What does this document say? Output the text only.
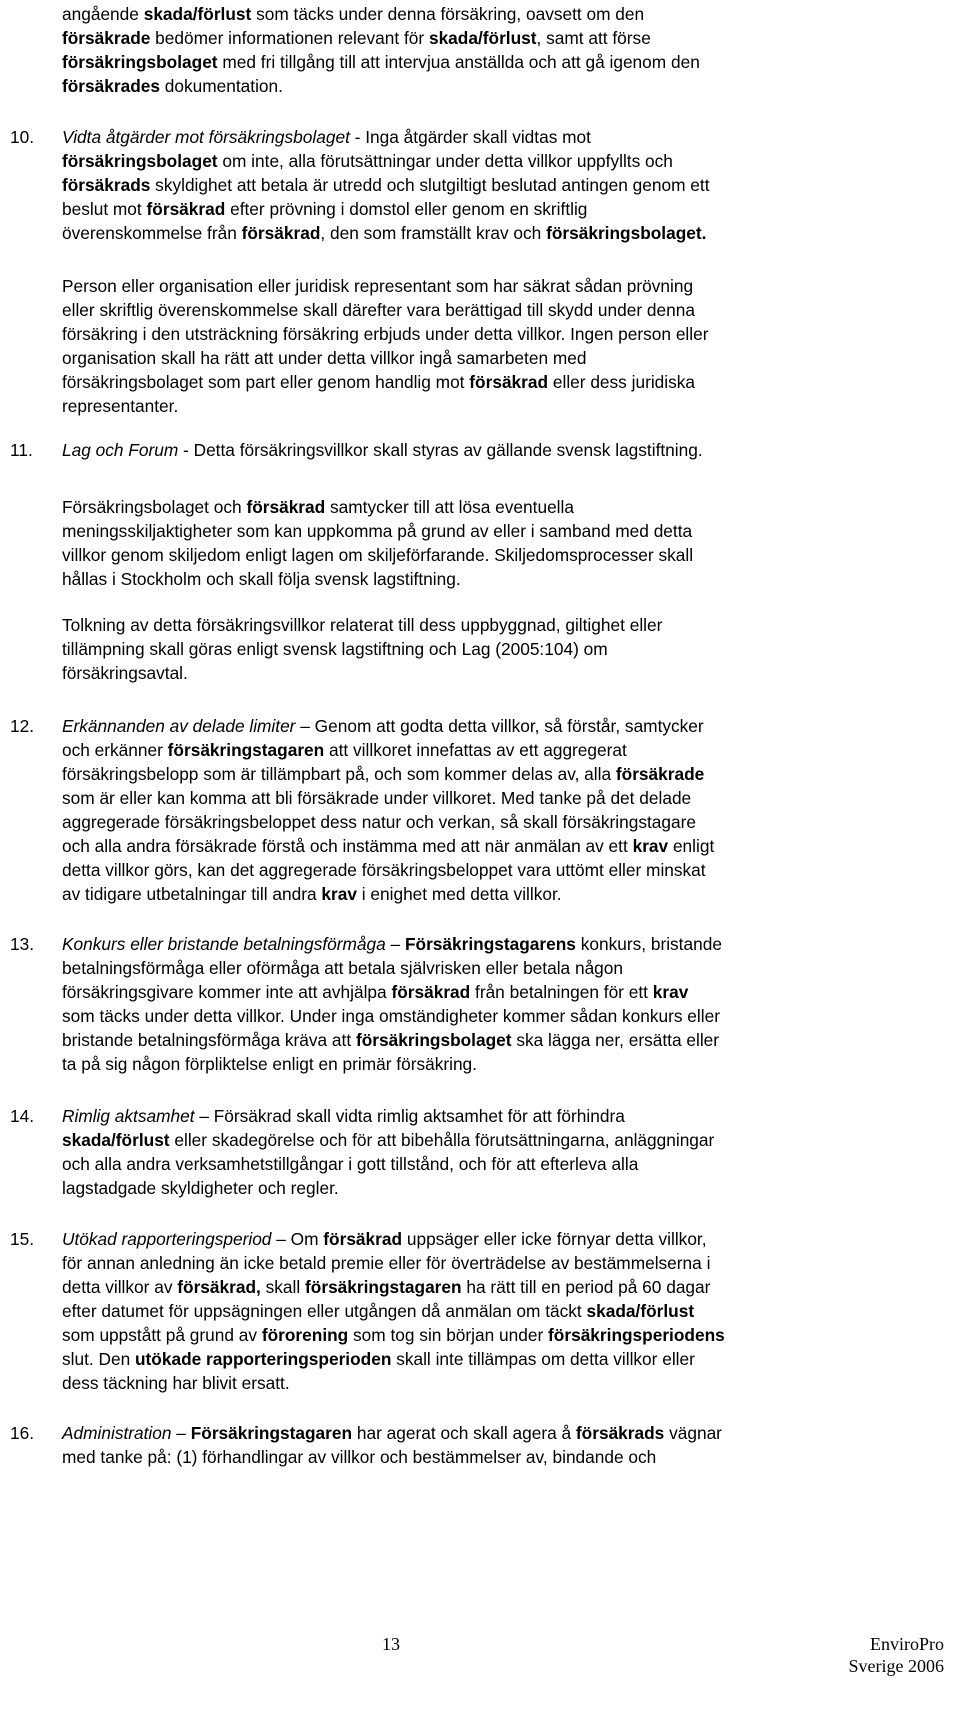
angående skada/förlust som täcks under denna försäkring, oavsett om den
försäkrade bedömer informationen relevant för skada/förlust, samt att förse
försäkringsbolaget med fri tillgång till att intervjua anställda och att gå igenom den
försäkrades dokumentation.
10. Vidta åtgärder mot försäkringsbolaget - Inga åtgärder skall vidtas mot
försäkringsbolaget om inte, alla förutsättningar under detta villkor uppfyllts och
försäkrads skyldighet att betala är utredd och slutgiltigt beslutad antingen genom ett
beslut mot försäkrad efter prövning i domstol eller genom en skriftlig
överenskommelse från försäkrad, den som framställt krav och försäkringsbolaget.
Person eller organisation eller juridisk representant som har säkrat sådan prövning
eller skriftlig överenskommelse skall därefter vara berättigad till skydd under denna
försäkring i den utsträckning försäkring erbjuds under detta villkor. Ingen person eller
organisation skall ha rätt att under detta villkor ingå samarbeten med
försäkringsbolaget som part eller genom handlig mot försäkrad eller dess juridiska
representanter.
11. Lag och Forum - Detta försäkringsvillkor skall styras av gällande svensk lagstiftning.
Försäkringsbolaget och försäkrad samtycker till att lösa eventuella
meningsskiljaktigheter som kan uppkomma på grund av eller i samband med detta
villkor genom skiljedom enligt lagen om skiljeförfarande. Skiljedomsprocesser skall
hållas i Stockholm och skall följa svensk lagstiftning.
Tolkning av detta försäkringsvillkor relaterat till dess uppbyggnad, giltighet eller
tillämpning skall göras enligt svensk lagstiftning och Lag (2005:104) om
försäkringsavtal.
12. Erkännanden av delade limiter – Genom att godta detta villkor, så förstår, samtycker
och erkänner försäkringstagaren att villkoret innefattas av ett aggregerat
försäkringsbelopp som är tillämpbart på, och som kommer delas av, alla försäkrade
som är eller kan komma att bli försäkrade under villkoret. Med tanke på det delade
aggregerade försäkringsbeloppet dess natur och verkan, så skall försäkringstagare
och alla andra försäkrade förstå och instämma med att när anmälan av ett krav enligt
detta villkor görs, kan det aggregerade försäkringsbeloppet vara uttömt eller minskat
av tidigare utbetalningar till andra krav i enighet med detta villkor.
13. Konkurs eller bristande betalningsförmåga – Försäkringstagarens konkurs, bristande
betalningsförmåga eller oförmåga att betala självrisken eller betala någon
försäkringsgivare kommer inte att avhjälpa försäkrad från betalningen för ett krav
som täcks under detta villkor. Under inga omständigheter kommer sådan konkurs eller
bristande betalningsförmåga kräva att försäkringsbolaget ska lägga ner, ersätta eller
ta på sig någon förpliktelse enligt en primär försäkring.
14. Rimlig aktsamhet – Försäkrad skall vidta rimlig aktsamhet för att förhindra
skada/förlust eller skadegörelse och för att bibehålla förutsättningarna, anläggningar
och alla andra verksamhetstillgångar i gott tillstånd, och för att efterleva alla
lagstadgade skyldigheter och regler.
15. Utökad rapporteringsperiod – Om försäkrad uppsäger eller icke förnyar detta villkor,
för annan anledning än icke betald premie eller för överträdelse av bestämmelserna i
detta villkor av försäkrad, skall försäkringstagaren ha rätt till en period på 60 dagar
efter datumet för uppsägningen eller utgången då anmälan om täckt skada/förlust
som uppstått på grund av förorening som tog sin början under försäkringsperiodens
slut. Den utökade rapporteringsperioden skall inte tillämpas om detta villkor eller
dess täckning har blivit ersatt.
16. Administration – Försäkringstagaren har agerat och skall agera å försäkrads vägnar
med tanke på: (1) förhandlingar av villkor och bestämmelser av, bindande och
13	EnviroPro
Sverige 2006
